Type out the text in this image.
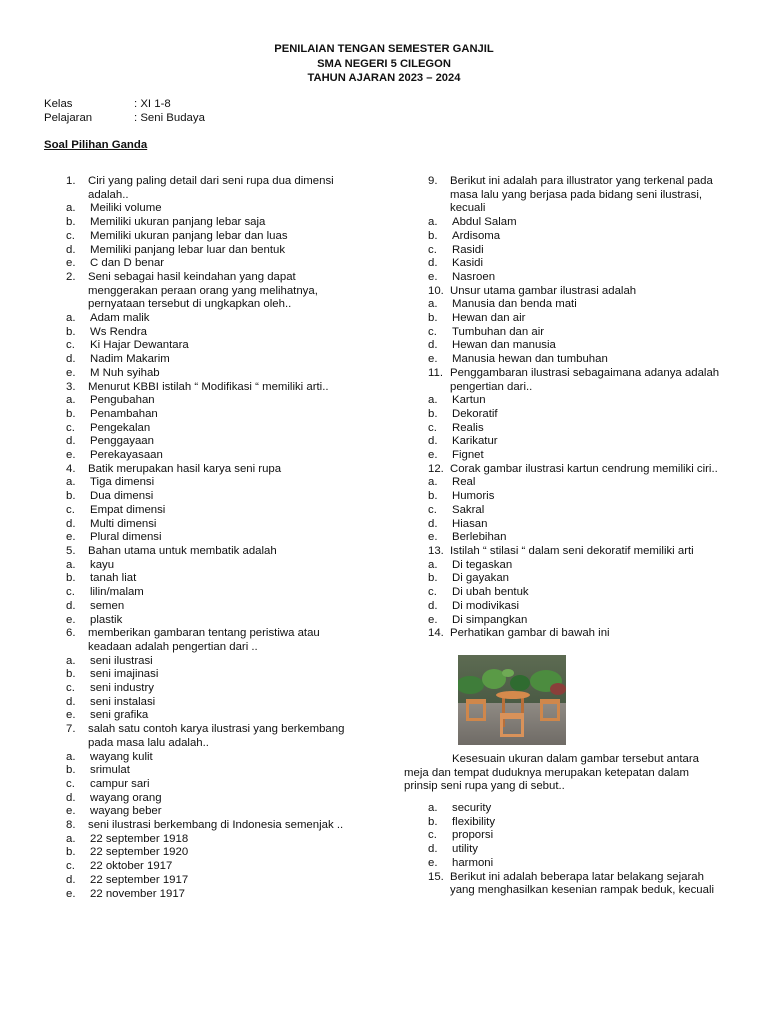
PENILAIAN TENGAN SEMESTER GANJIL
SMA NEGERI 5 CILEGON
TAHUN AJARAN 2023 – 2024
Kelas	: XI 1-8
Pelajaran	: Seni Budaya
Soal Pilihan Ganda
1. Ciri yang paling detail dari seni rupa dua dimensi adalah..
a. Meiliki volume
b. Memiliki ukuran panjang lebar saja
c. Memiliki ukuran panjang lebar dan luas
d. Memiliki panjang lebar luar dan bentuk
e. C dan D benar
2. Seni sebagai hasil keindahan yang dapat menggerakan peraan orang yang melihatnya, pernyataan tersebut di ungkapkan oleh..
a. Adam malik
b. Ws Rendra
c. Ki Hajar Dewantara
d. Nadim Makarim
e. M Nuh syihab
3. Menurut KBBI istilah “ Modifikasi “ memiliki arti..
a. Pengubahan
b. Penambahan
c. Pengekalan
d. Penggayaan
e. Perekayasaan
4. Batik merupakan hasil karya seni rupa
a. Tiga dimensi
b. Dua dimensi
c. Empat dimensi
d. Multi dimensi
e. Plural dimensi
5. Bahan utama untuk membatik adalah
a. kayu
b. tanah liat
c. lilin/malam
d. semen
e. plastik
6. memberikan gambaran tentang peristiwa atau keadaan adalah pengertian dari ..
a. seni ilustrasi
b. seni imajinasi
c. seni industry
d. seni instalasi
e. seni grafika
7. salah satu contoh karya ilustrasi yang berkembang pada masa lalu adalah..
a. wayang kulit
b. srimulat
c. campur sari
d. wayang orang
e. wayang beber
8. seni ilustrasi berkembang di Indonesia semenjak ..
a. 22 september 1918
b. 22 september 1920
c. 22 oktober 1917
d. 22 september 1917
e. 22 november 1917
9. Berikut ini adalah para illustrator yang terkenal pada masa lalu yang berjasa pada bidang seni ilustrasi, kecuali
a. Abdul Salam
b. Ardisoma
c. Rasidi
d. Kasidi
e. Nasroen
10. Unsur utama gambar ilustrasi adalah
a. Manusia dan benda mati
b. Hewan dan air
c. Tumbuhan dan air
d. Hewan dan manusia
e. Manusia hewan dan tumbuhan
11. Penggambaran ilustrasi sebagaimana adanya adalah pengertian dari..
a. Kartun
b. Dekoratif
c. Realis
d. Karikatur
e. Fignet
12. Corak gambar ilustrasi kartun cendrung memiliki ciri..
a. Real
b. Humoris
c. Sakral
d. Hiasan
e. Berlebihan
13. Istilah “ stilasi “ dalam seni dekoratif memiliki arti
a. Di tegaskan
b. Di gayakan
c. Di ubah bentuk
d. Di modivikasi
e. Di simpangkan
14. Perhatikan gambar di bawah ini
Kesesuain ukuran dalam gambar tersebut antara meja dan tempat duduknya merupakan ketepatan dalam prinsip seni rupa yang di sebut..
a. security
b. flexibility
c. proporsi
d. utility
e. harmoni
15. Berikut ini adalah beberapa latar belakang sejarah yang menghasilkan kesenian rampak beduk, kecuali
